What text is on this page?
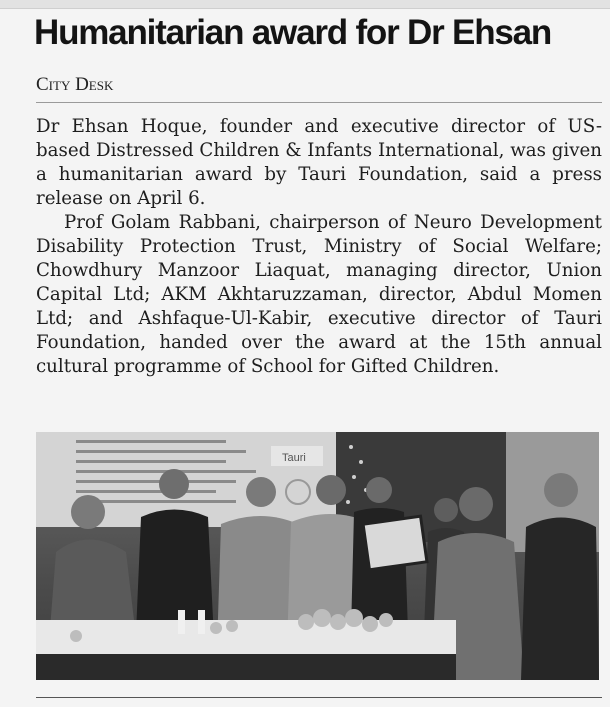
Humanitarian award for Dr Ehsan
City Desk

Dr Ehsan Hoque, founder and executive director of US-based Distressed Children & Infants International, was given a humanitarian award by Tauri Foundation, said a press release on April 6.

Prof Golam Rabbani, chairperson of Neuro Development Disability Protection Trust, Ministry of Social Welfare; Chowdhury Manzoor Liaquat, managing director, Union Capital Ltd; AKM Akhtaruzzaman, director, Abdul Momen Ltd; and Ashfaque-Ul-Kabir, executive director of Tauri Foundation, handed over the award at the 15th annual cultural programme of School for Gifted Children.

Tauri
